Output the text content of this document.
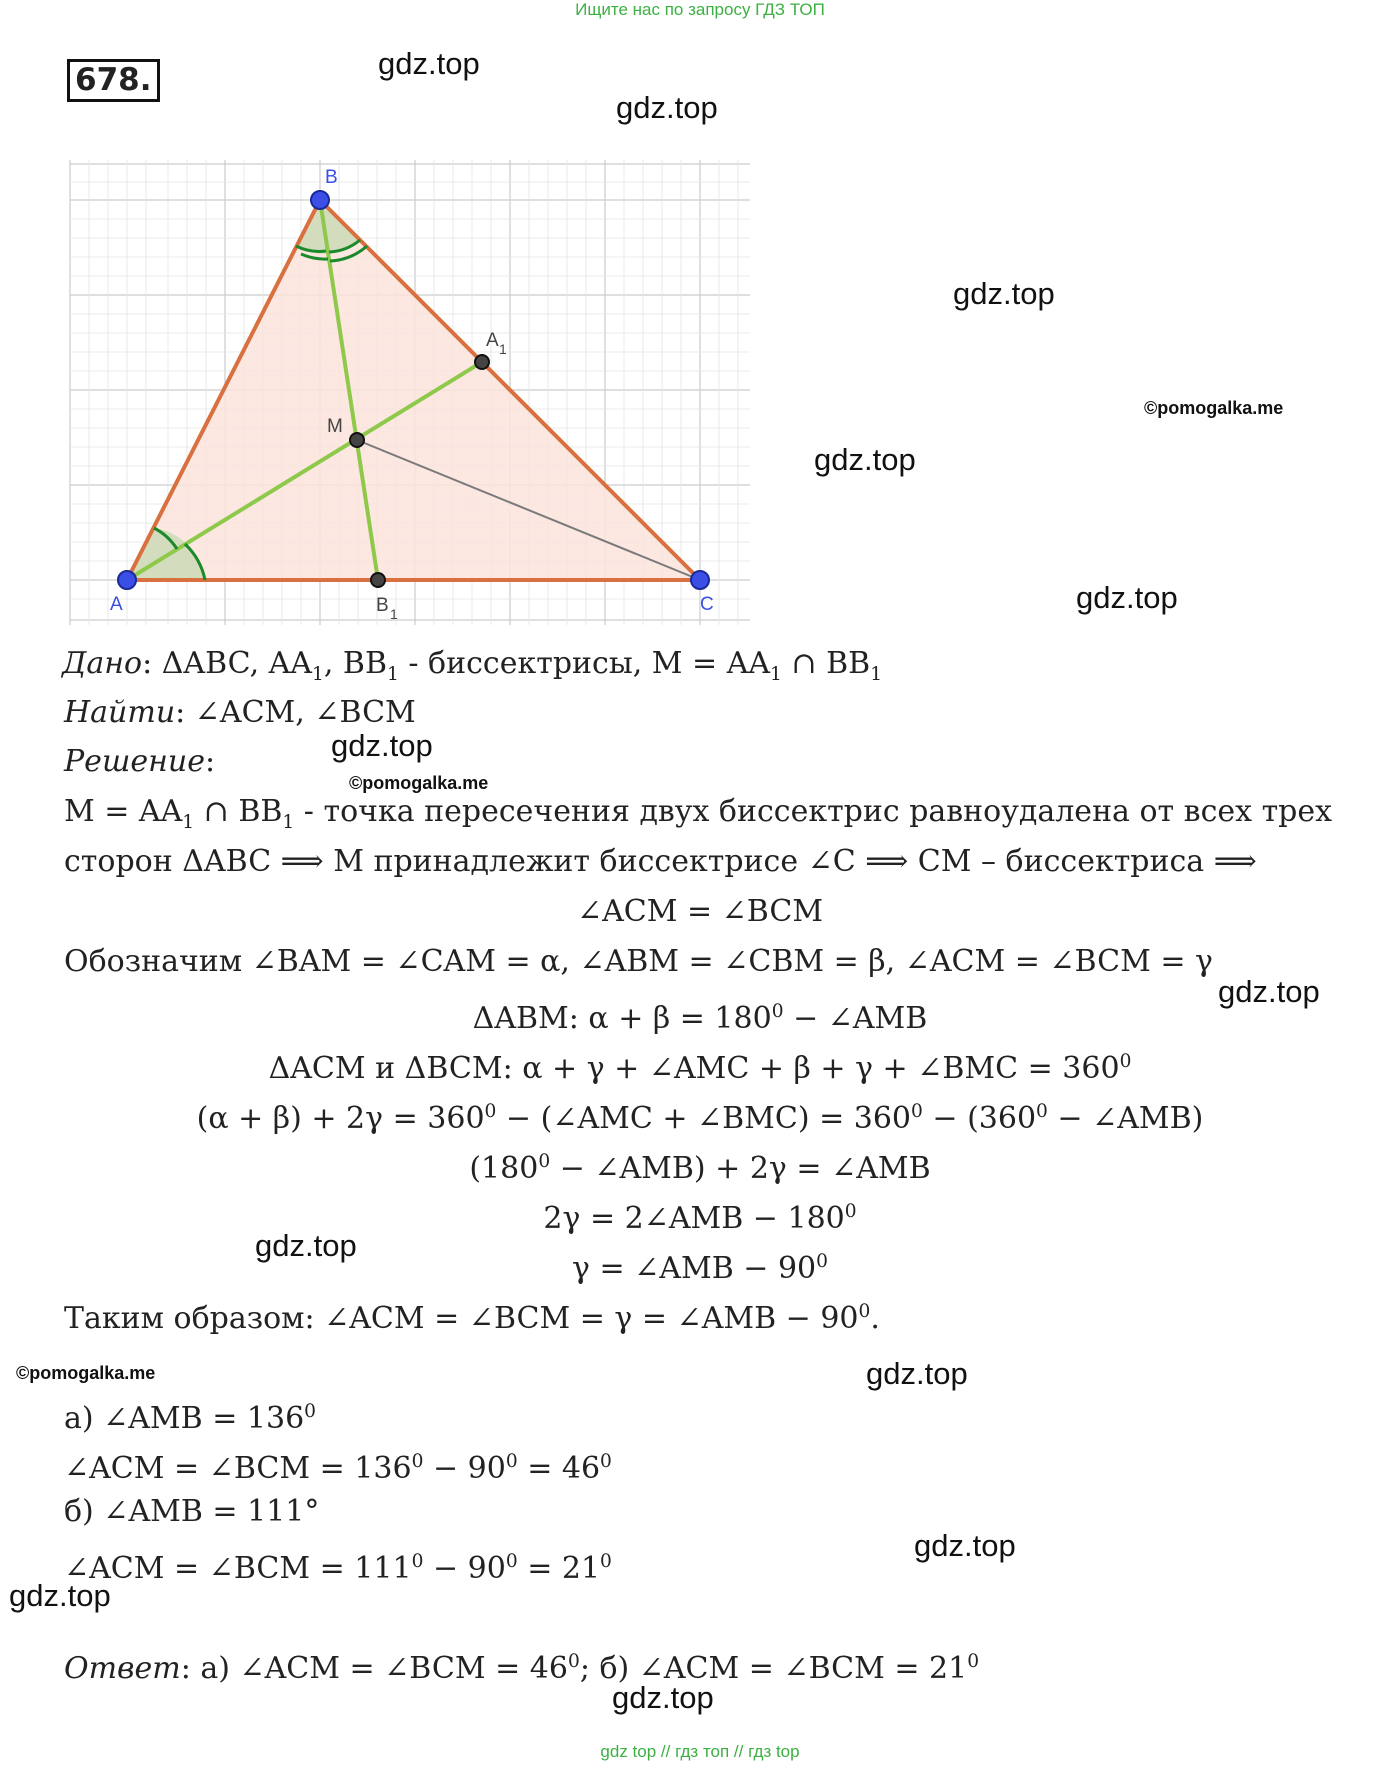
Ищите нас по запросу ГДЗ ТОП
678.	gdz.top
gdz.top
gdz.top
©pomogalka.me
gdz.top
gdz.top
gdz.top
©pomogalka.me
gdz.top
gdz.top
©pomogalka.me	gdz.top
gdz.top
gdz.top
gdz.top
A
B
C
M
A 1
B 1
Дано: ΔABC, $AA_1$, $BB_1$ - биссектрисы, $M = AA_1$ ∩ $BB_1$
Найти: ∠ACM, ∠BCM
Решение:
$M = AA_1$ ∩ $BB_1$ - точка пересечения двух биссектрис равноудалена от всех трех
сторон ΔABC ⟹ M принадлежит биссектрисе ∠C ⟹ CM – биссектриса ⟹
∠ACM = ∠BCM
Обозначим ∠BAM = ∠CAM = α, ∠ABM = ∠CBM = β, ∠ACM = ∠BCM = γ
ΔABM: $\alpha + \beta = 180^0$ − ∠AMB
ΔACM и ΔBCM: α + γ + ∠AMC + β + γ + ∠BMC = $360^0$
$(\alpha + \beta) + 2\gamma = 360^0$ − (∠AMC + ∠BMC) = $360^0 - (360^0$ − ∠AMB)
($180^0$ − ∠AMB) + 2γ = ∠AMB
2γ = 2∠AMB − $180^0$
γ = ∠AMB − $90^0$
Таким образом: ∠ACM = ∠BCM = γ = ∠AMB − $90^0$.
а) ∠AMB = $136^0$
∠ACM = ∠BCM = $136^0 - 90^0 = 46^0$
б) ∠AMB = 111°
∠ACM = ∠BCM = $111^0 - 90^0 = 21^0$
Ответ: а) ∠ACM = ∠BCM = $46^0$; б) ∠ACM = ∠BCM = $21^0$
gdz top // гдз топ // гдз top
